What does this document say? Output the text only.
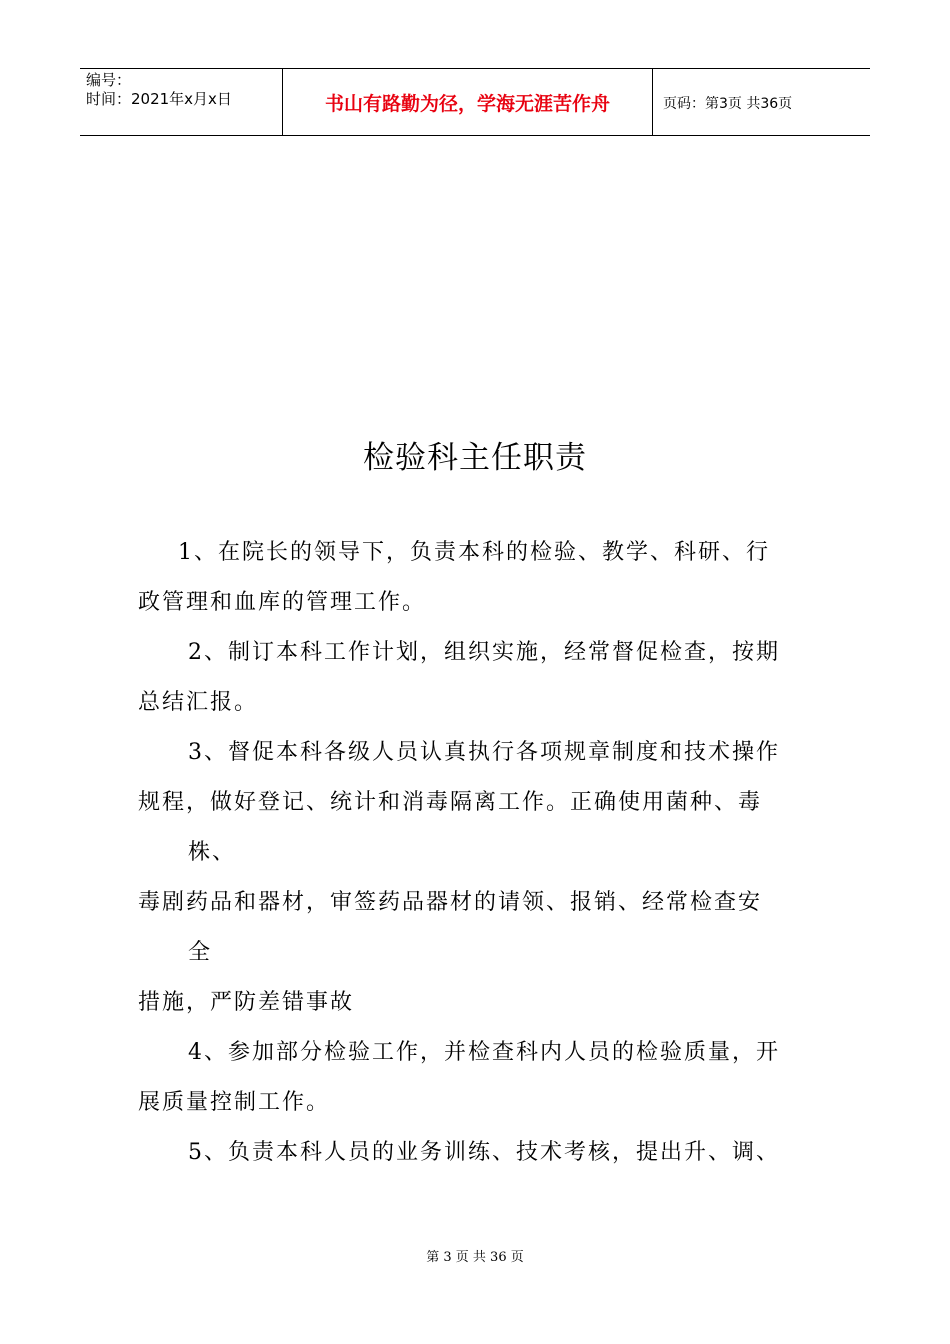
编号：
时间：2021年x月x日	书山有路勤为径，学海无涯苦作舟	页码：第3页 共36页
检验科主任职责
1、在院长的领导下，负责本科的检验、教学、科研、行
政管理和血库的管理工作。
2、制订本科工作计划，组织实施，经常督促检查，按期
总结汇报。
3、督促本科各级人员认真执行各项规章制度和技术操作
规程，做好登记、统计和消毒隔离工作。正确使用菌种、毒
株、
毒剧药品和器材，审签药品器材的请领、报销、经常检查安
全
措施，严防差错事故
4、参加部分检验工作，并检查科内人员的检验质量，开
展质量控制工作。
5、负责本科人员的业务训练、技术考核，提出升、调、
第 3 页 共 36 页
